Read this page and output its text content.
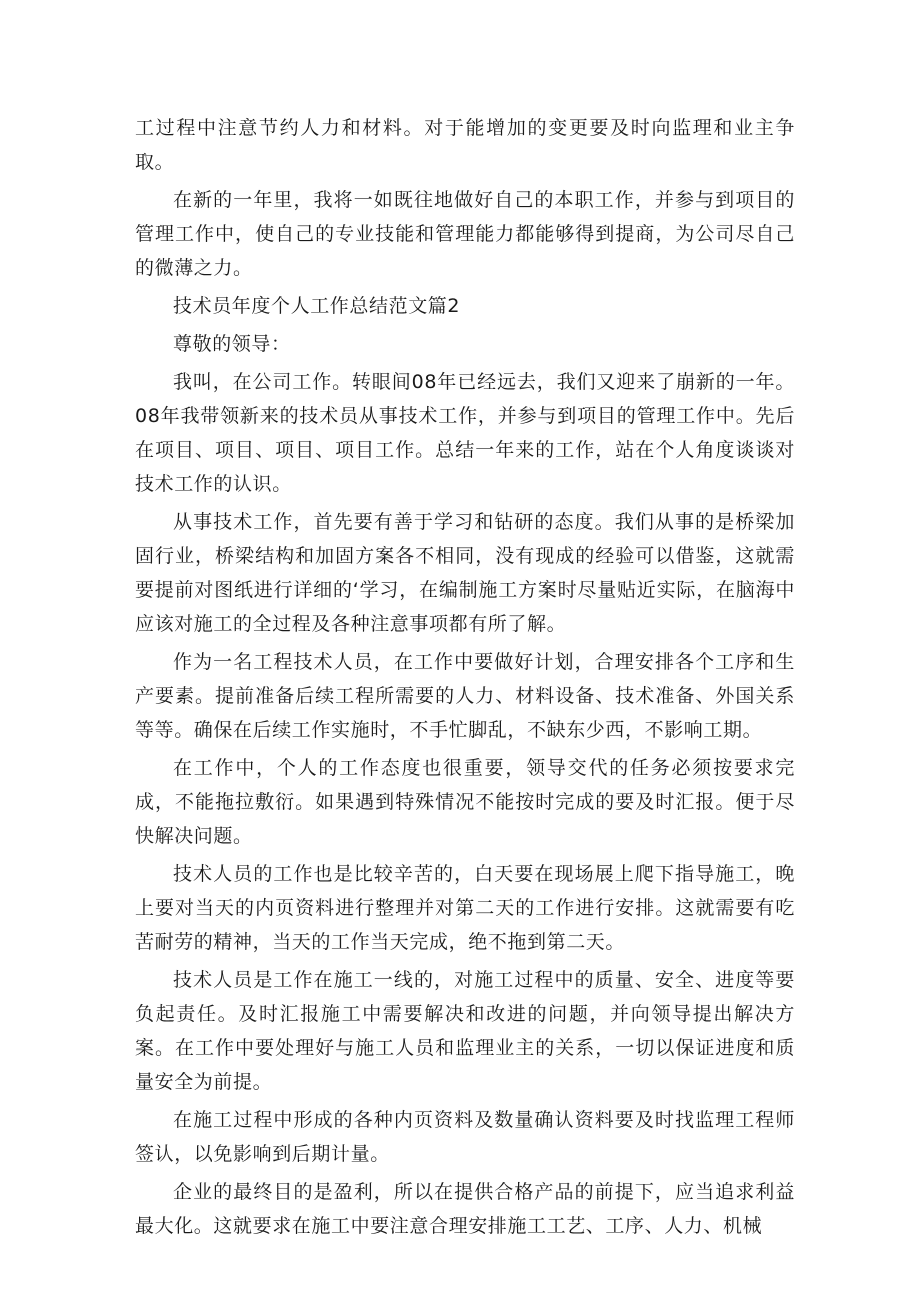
工过程中注意节约人力和材料。对于能增加的变更要及时向监理和业主争取。

在新的一年里，我将一如既往地做好自己的本职工作，并参与到项目的管理工作中，使自己的专业技能和管理能力都能够得到提商，为公司尽自己的微薄之力。

技术员年度个人工作总结范文篇2

尊敬的领导：

我叫，在公司工作。转眼间08年已经远去，我们又迎来了崩新的一年。08年我带领新来的技术员从事技术工作，并参与到项目的管理工作中。先后在项目、项目、项目、项目工作。总结一年来的工作，站在个人角度谈谈对技术工作的认识。

从事技术工作，首先要有善于学习和钻研的态度。我们从事的是桥梁加固行业，桥梁结构和加固方案各不相同，没有现成的经验可以借鉴，这就需要提前对图纸进行详细的‘学习，在编制施工方案时尽量贴近实际，在脑海中应该对施工的全过程及各种注意事项都有所了解。

作为一名工程技术人员，在工作中要做好计划，合理安排各个工序和生产要素。提前准备后续工程所需要的人力、材料设备、技术准备、外国关系等等。确保在后续工作实施时，不手忙脚乱，不缺东少西，不影响工期。

在工作中，个人的工作态度也很重要，领导交代的任务必须按要求完成，不能拖拉敷衍。如果遇到特殊情况不能按时完成的要及时汇报。便于尽快解决问题。

技术人员的工作也是比较辛苦的，白天要在现场展上爬下指导施工，晚上要对当天的内页资料进行整理并对第二天的工作进行安排。这就需要有吃苦耐劳的精神，当天的工作当天完成，绝不拖到第二天。

技术人员是工作在施工一线的，对施工过程中的质量、安全、进度等要负起责任。及时汇报施工中需要解决和改进的问题，并向领导提出解决方案。在工作中要处理好与施工人员和监理业主的关系，一切以保证进度和质量安全为前提。

在施工过程中形成的各种内页资料及数量确认资料要及时找监理工程师签认，以免影响到后期计量。

企业的最终目的是盈利，所以在提供合格产品的前提下，应当追求利益最大化。这就要求在施工中要注意合理安排施工工艺、工序、人力、机械
